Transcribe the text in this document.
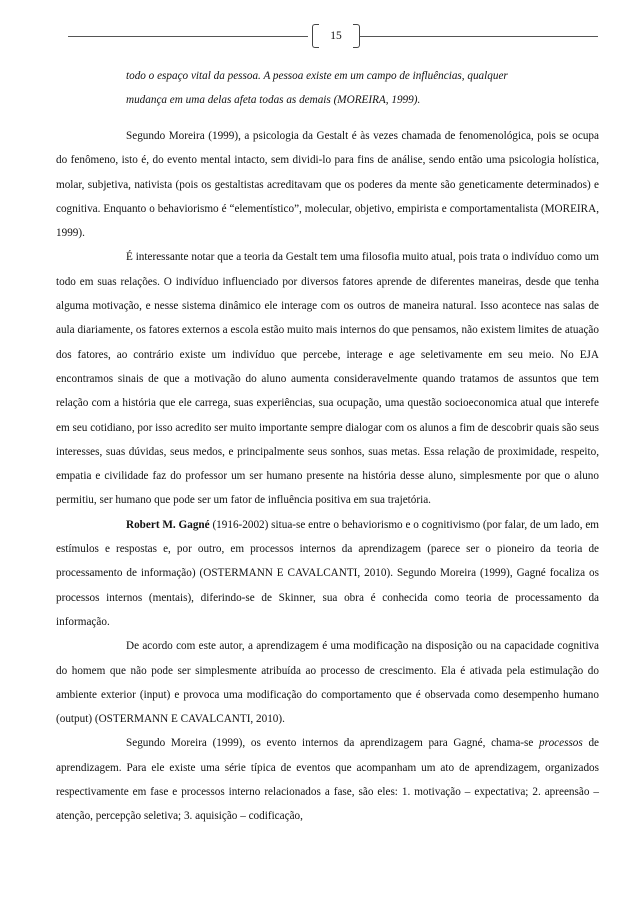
15

todo o espaço vital da pessoa. A pessoa existe em um campo de influências, qualquer
mudança em uma delas afeta todas as demais (MOREIRA, 1999).

Segundo Moreira (1999), a psicologia da Gestalt é às vezes chamada de fenomenológica, pois se ocupa do fenômeno, isto é, do evento mental intacto, sem dividi-lo para fins de análise, sendo então uma psicologia holística, molar, subjetiva, nativista (pois os gestaltistas acreditavam que os poderes da mente são geneticamente determinados) e cognitiva. Enquanto o behaviorismo é “elementístico”, molecular, objetivo, empirista e comportamentalista (MOREIRA, 1999).

É interessante notar que a teoria da Gestalt tem uma filosofia muito atual, pois trata o indivíduo como um todo em suas relações. O indivíduo influenciado por diversos fatores aprende de diferentes maneiras, desde que tenha alguma motivação, e nesse sistema dinâmico ele interage com os outros de maneira natural. Isso acontece nas salas de aula diariamente, os fatores externos a escola estão muito mais internos do que pensamos, não existem limites de atuação dos fatores, ao contrário existe um indivíduo que percebe, interage e age seletivamente em seu meio. No EJA encontramos sinais de que a motivação do aluno aumenta consideravelmente quando tratamos de assuntos que tem relação com a história que ele carrega, suas experiências, sua ocupação, uma questão socioeconomica atual que interefe em seu cotidiano, por isso acredito ser muito importante sempre dialogar com os alunos a fim de descobrir quais são seus interesses, suas dúvidas, seus medos, e principalmente seus sonhos, suas metas. Essa relação de proximidade, respeito, empatia e civilidade faz do professor um ser humano presente na história desse aluno, simplesmente por que o aluno permitiu, ser humano que pode ser um fator de influência positiva em sua trajetória.

Robert M. Gagné (1916-2002) situa-se entre o behaviorismo e o cognitivismo (por falar, de um lado, em estímulos e respostas e, por outro, em processos internos da aprendizagem (parece ser o pioneiro da teoria de processamento de informação) (OSTERMANN E CAVALCANTI, 2010). Segundo Moreira (1999), Gagné focaliza os processos internos (mentais), diferindo-se de Skinner, sua obra é conhecida como teoria de processamento da informação.

De acordo com este autor, a aprendizagem é uma modificação na disposição ou na capacidade cognitiva do homem que não pode ser simplesmente atribuída ao processo de crescimento. Ela é ativada pela estimulação do ambiente exterior (input) e provoca uma modificação do comportamento que é observada como desempenho humano (output) (OSTERMANN E CAVALCANTI, 2010).

Segundo Moreira (1999), os evento internos da aprendizagem para Gagné, chama-se processos de aprendizagem. Para ele existe uma série típica de eventos que acompanham um ato de aprendizagem, organizados respectivamente em fase e processos interno relacionados a fase, são eles: 1. motivação – expectativa; 2. apreensão – atenção, percepção seletiva; 3. aquisição – codificação,
